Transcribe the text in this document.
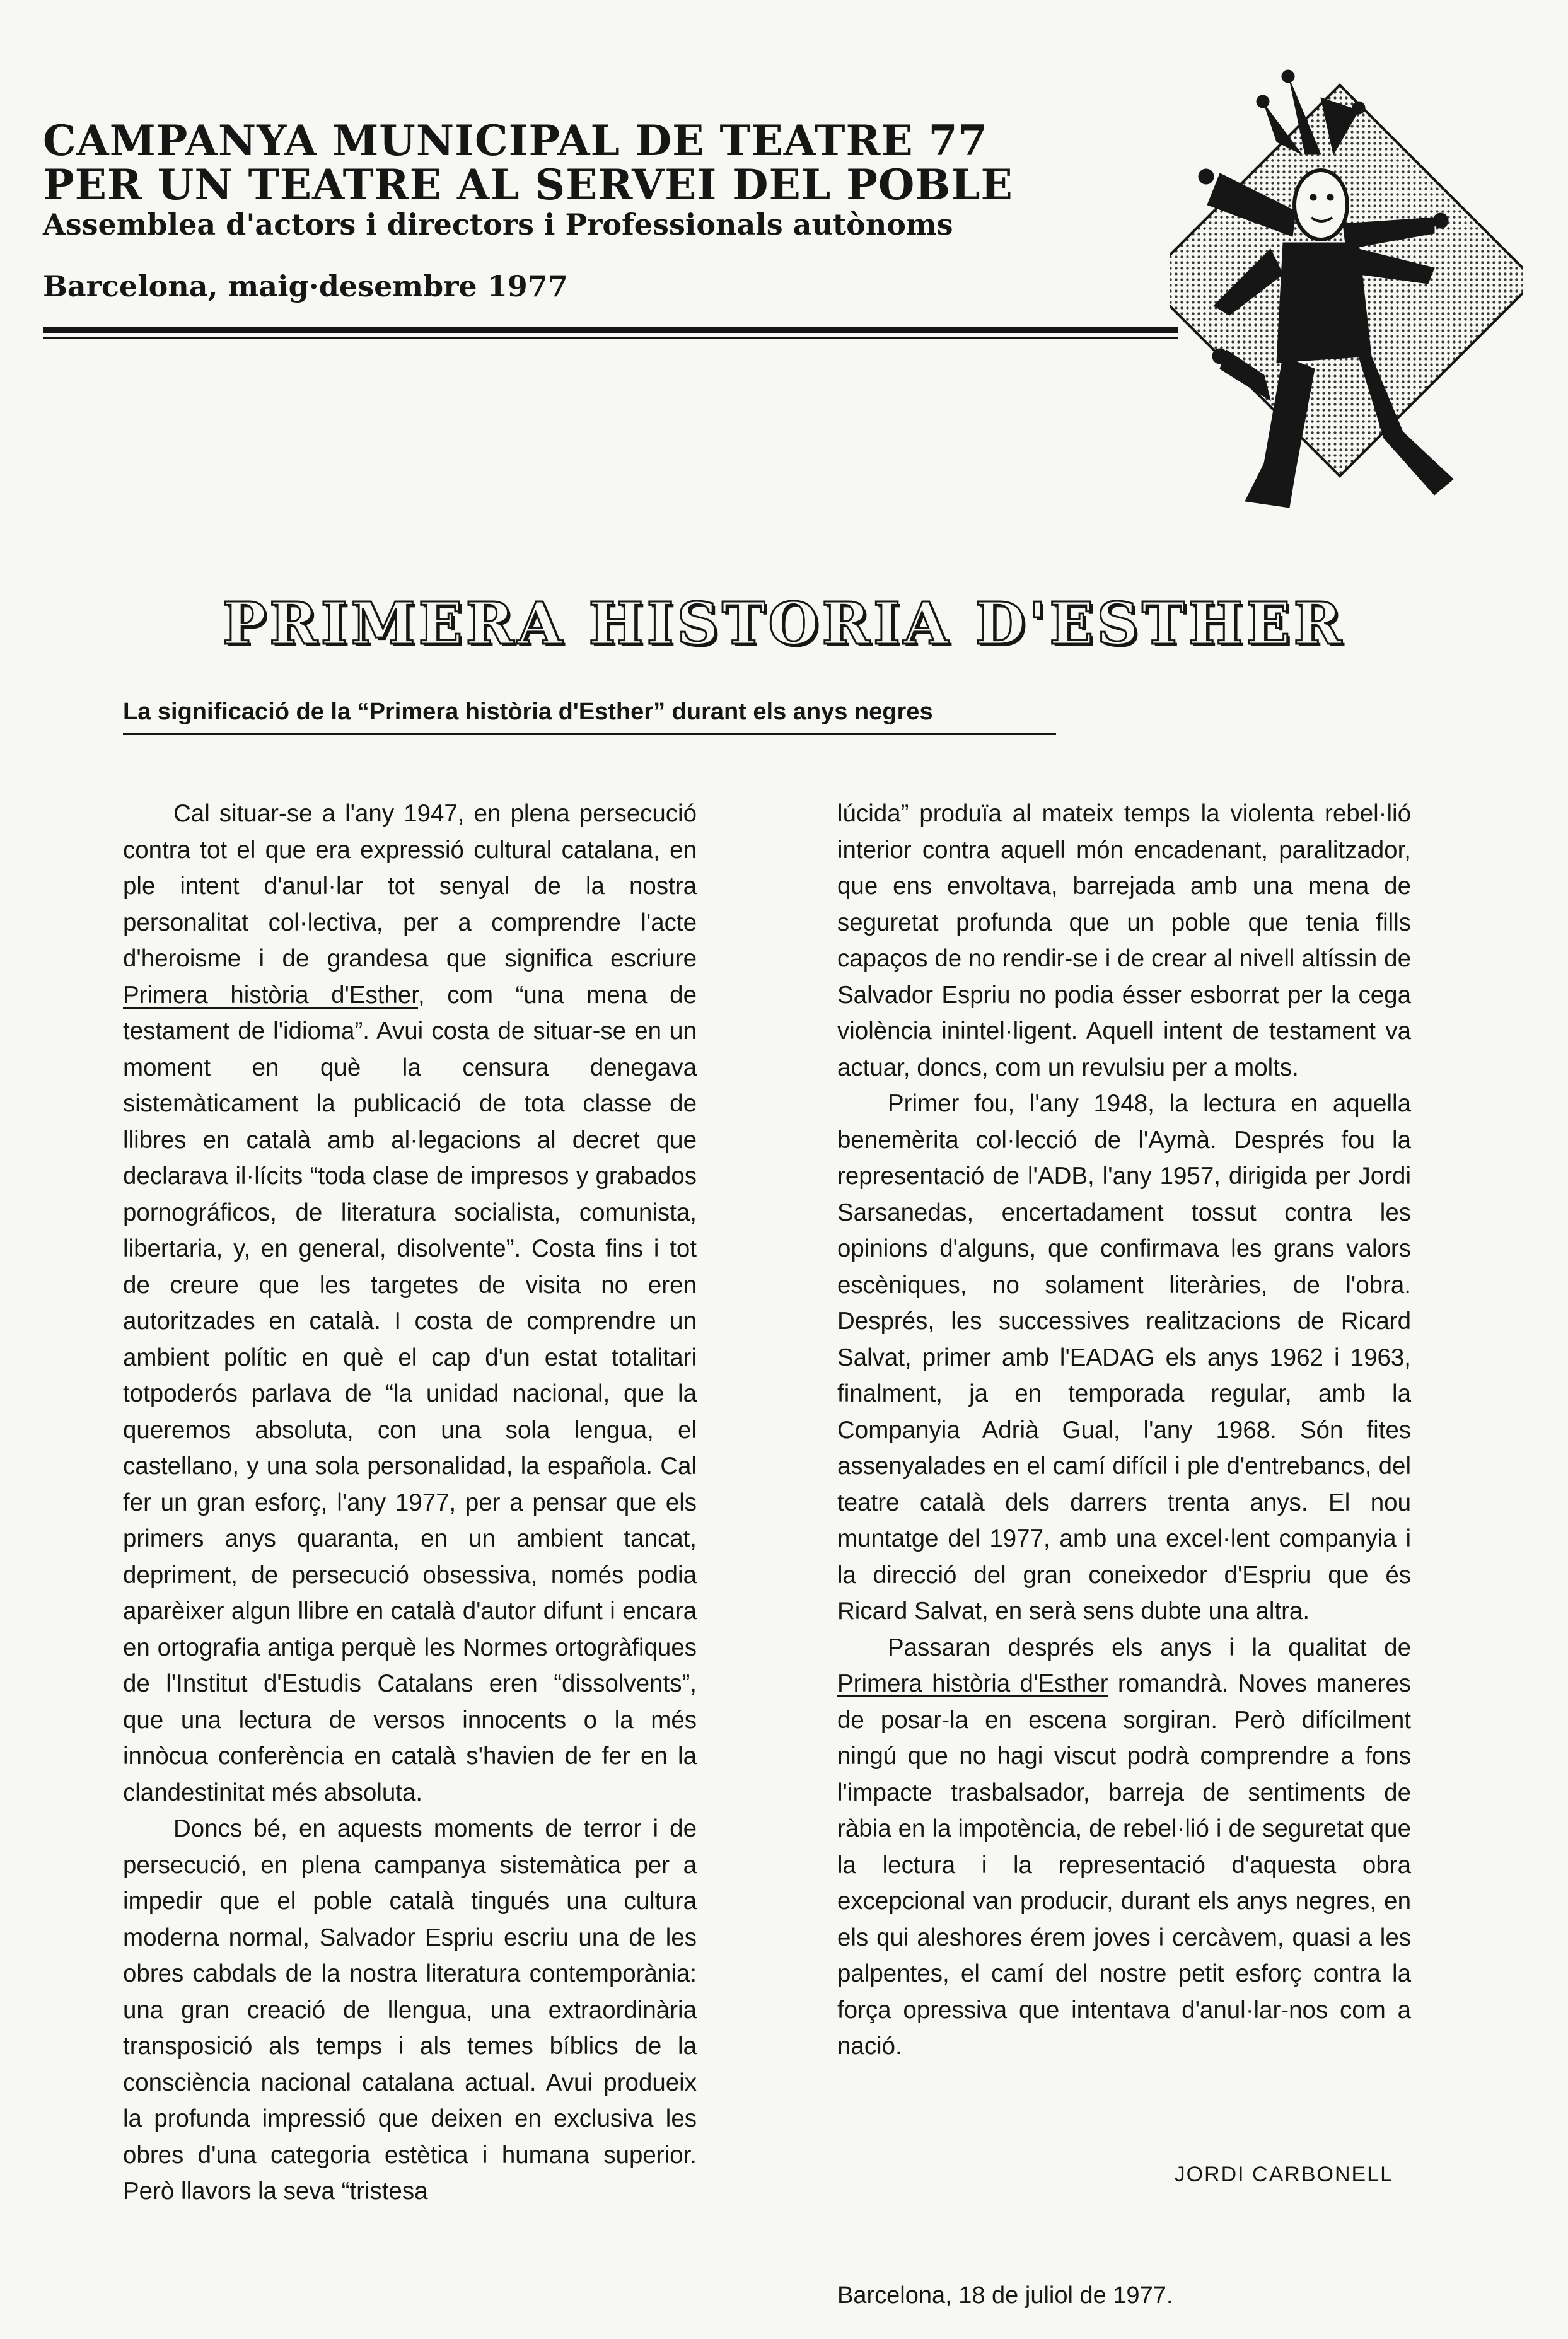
CAMPANYA MUNICIPAL DE TEATRE 77
PER UN TEATRE AL SERVEI DEL POBLE
Assemblea d'actors i directors i Professionals autònoms
Barcelona, maig·desembre 1977
PRIMERA HISTORIA D'ESTHER
La significació de la “Primera història d'Esther” durant els anys negres

Cal situar-se a l'any 1947, en plena persecució contra tot el que era expressió cultural catalana, en ple intent d'anul·lar tot senyal de la nostra personalitat col·lectiva, per a comprendre l'acte d'heroisme i de grandesa que significa escriure Primera història d'Esther, com “una mena de testament de l'idioma”. Avui costa de situar-se en un moment en què la censura denegava sistemàticament la publicació de tota classe de llibres en català amb al·legacions al decret que declarava il·lícits “toda clase de impresos y grabados pornográficos, de literatura socialista, comunista, libertaria, y, en general, disolvente”. Costa fins i tot de creure que les targetes de visita no eren autoritzades en català. I costa de comprendre un ambient polític en què el cap d'un estat totalitari totpoderós parlava de “la unidad nacional, que la queremos absoluta, con una sola lengua, el castellano, y una sola personalidad, la española. Cal fer un gran esforç, l'any 1977, per a pensar que els primers anys quaranta, en un ambient tancat, depriment, de persecució obsessiva, només podia aparèixer algun llibre en català d'autor difunt i encara en ortografia antiga perquè les Normes ortogràfiques de l'Institut d'Estudis Catalans eren “dissolvents”, que una lectura de versos innocents o la més innòcua conferència en català s'havien de fer en la clandestinitat més absoluta.

Doncs bé, en aquests moments de terror i de persecució, en plena campanya sistemàtica per a impedir que el poble català tingués una cultura moderna normal, Salvador Espriu escriu una de les obres cabdals de la nostra literatura contemporània: una gran creació de llengua, una extraordinària transposició als temps i als temes bíblics de la consciència nacional catalana actual. Avui produeix la profunda impressió que deixen en exclusiva les obres d'una categoria estètica i humana superior. Però llavors la seva “tristesa

lúcida” produïa al mateix temps la violenta rebel·lió interior contra aquell món encadenant, paralitzador, que ens envoltava, barrejada amb una mena de seguretat profunda que un poble que tenia fills capaços de no rendir-se i de crear al nivell altíssin de Salvador Espriu no podia ésser esborrat per la cega violència inintel·ligent. Aquell intent de testament va actuar, doncs, com un revulsiu per a molts.

Primer fou, l'any 1948, la lectura en aquella benemèrita col·lecció de l'Aymà. Després fou la representació de l'ADB, l'any 1957, dirigida per Jordi Sarsanedas, encertadament tossut contra les opinions d'alguns, que confirmava les grans valors escèniques, no solament literàries, de l'obra. Després, les successives realitzacions de Ricard Salvat, primer amb l'EADAG els anys 1962 i 1963, finalment, ja en temporada regular, amb la Companyia Adrià Gual, l'any 1968. Són fites assenyalades en el camí difícil i ple d'entrebancs, del teatre català dels darrers trenta anys. El nou muntatge del 1977, amb una excel·lent companyia i la direcció del gran coneixedor d'Espriu que és Ricard Salvat, en serà sens dubte una altra.

Passaran després els anys i la qualitat de Primera història d'Esther romandrà. Noves maneres de posar-la en escena sorgiran. Però difícilment ningú que no hagi viscut podrà comprendre a fons l'impacte trasbalsador, barreja de sentiments de ràbia en la impotència, de rebel·lió i de seguretat que la lectura i la representació d'aquesta obra excepcional van producir, durant els anys negres, en els qui aleshores érem joves i cercàvem, quasi a les palpentes, el camí del nostre petit esforç contra la força opressiva que intentava d'anul·lar-nos com a nació.

JORDI CARBONELL
Barcelona, 18 de juliol de 1977.
